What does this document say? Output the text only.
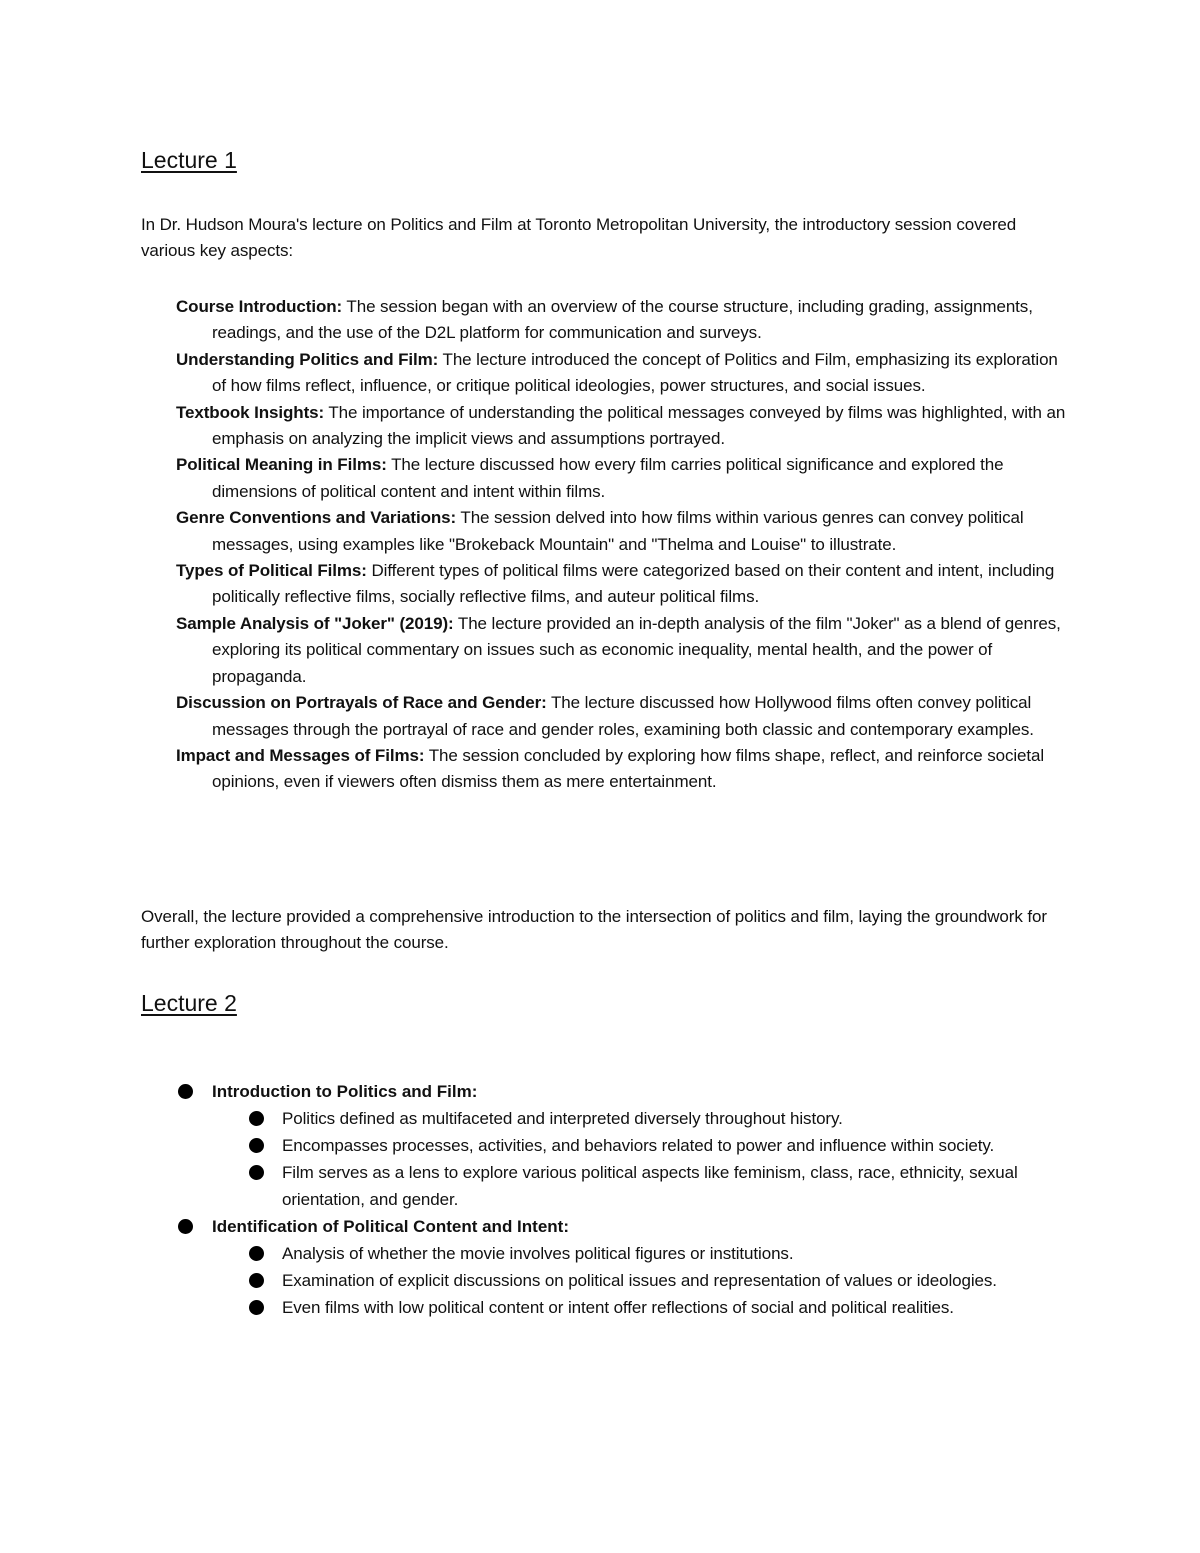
Lecture 1

In Dr. Hudson Moura's lecture on Politics and Film at Toronto Metropolitan University, the introductory session covered various key aspects:

Course Introduction: The session began with an overview of the course structure, including grading, assignments, readings, and the use of the D2L platform for communication and surveys.

Understanding Politics and Film: The lecture introduced the concept of Politics and Film, emphasizing its exploration of how films reflect, influence, or critique political ideologies, power structures, and social issues.

Textbook Insights: The importance of understanding the political messages conveyed by films was highlighted, with an emphasis on analyzing the implicit views and assumptions portrayed.

Political Meaning in Films: The lecture discussed how every film carries political significance and explored the dimensions of political content and intent within films.

Genre Conventions and Variations: The session delved into how films within various genres can convey political messages, using examples like "Brokeback Mountain" and "Thelma and Louise" to illustrate.

Types of Political Films: Different types of political films were categorized based on their content and intent, including politically reflective films, socially reflective films, and auteur political films.

Sample Analysis of "Joker" (2019): The lecture provided an in-depth analysis of the film "Joker" as a blend of genres, exploring its political commentary on issues such as economic inequality, mental health, and the power of propaganda.

Discussion on Portrayals of Race and Gender: The lecture discussed how Hollywood films often convey political messages through the portrayal of race and gender roles, examining both classic and contemporary examples.

Impact and Messages of Films: The session concluded by exploring how films shape, reflect, and reinforce societal opinions, even if viewers often dismiss them as mere entertainment.

Overall, the lecture provided a comprehensive introduction to the intersection of politics and film, laying the groundwork for further exploration throughout the course.

Lecture 2

Introduction to Politics and Film:

Politics defined as multifaceted and interpreted diversely throughout history.

Encompasses processes, activities, and behaviors related to power and influence within society.

Film serves as a lens to explore various political aspects like feminism, class, race, ethnicity, sexual orientation, and gender.

Identification of Political Content and Intent:

Analysis of whether the movie involves political figures or institutions.

Examination of explicit discussions on political issues and representation of values or ideologies.

Even films with low political content or intent offer reflections of social and political realities.
